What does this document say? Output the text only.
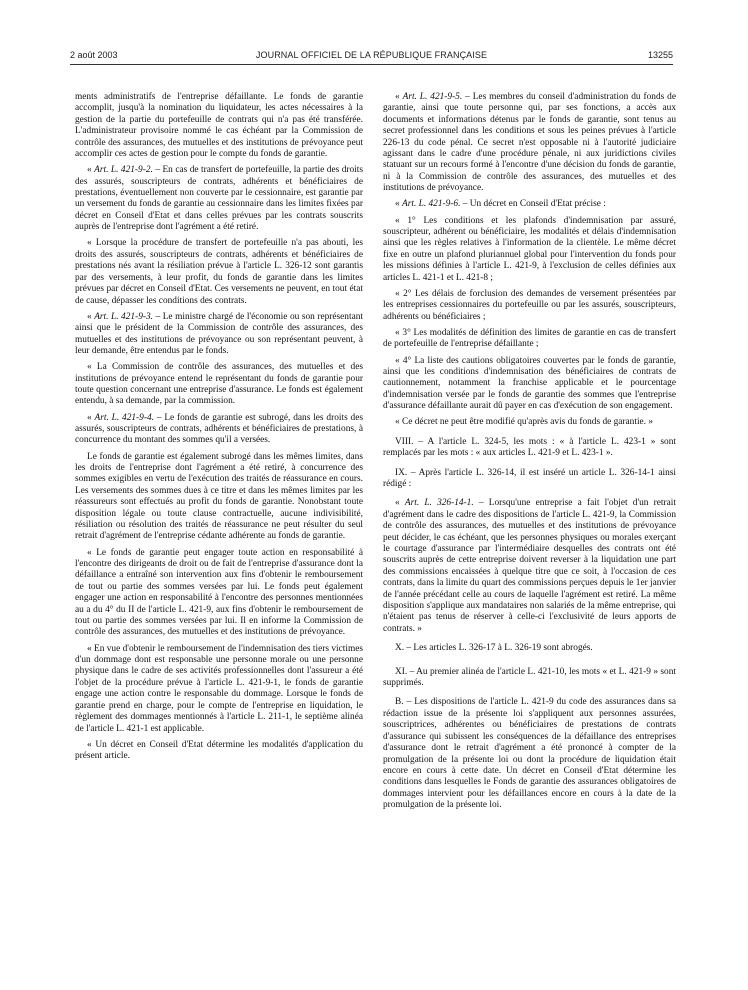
2 août 2003	JOURNAL OFFICIEL DE LA RÉPUBLIQUE FRANÇAISE	13255

ments administratifs de l'entreprise défaillante. Le fonds de garantie accomplit, jusqu'à la nomination du liquidateur, les actes nécessaires à la gestion de la partie du portefeuille de contrats qui n'a pas été transférée. L'administrateur provisoire nommé le cas échéant par la Commission de contrôle des assurances, des mutuelles et des institutions de prévoyance peut accomplir ces actes de gestion pour le compte du fonds de garantie.

« Art. L. 421-9-2. – En cas de transfert de portefeuille, la partie des droits des assurés, souscripteurs de contrats, adhérents et bénéficiaires de prestations, éventuellement non couverte par le cessionnaire, est garantie par un versement du fonds de garantie au cessionnaire dans les limites fixées par décret en Conseil d'Etat et dans celles prévues par les contrats souscrits auprès de l'entreprise dont l'agrément a été retiré.

« Lorsque la procédure de transfert de portefeuille n'a pas abouti, les droits des assurés, souscripteurs de contrats, adhérents et bénéficiaires de prestations nés avant la résiliation prévue à l'article L. 326-12 sont garantis par des versements, à leur profit, du fonds de garantie dans les limites prévues par décret en Conseil d'Etat. Ces versements ne peuvent, en tout état de cause, dépasser les conditions des contrats.

« Art. L. 421-9-3. – Le ministre chargé de l'économie ou son représentant ainsi que le président de la Commission de contrôle des assurances, des mutuelles et des institutions de prévoyance ou son représentant peuvent, à leur demande, être entendus par le fonds.

« La Commission de contrôle des assurances, des mutuelles et des institutions de prévoyance entend le représentant du fonds de garantie pour toute question concernant une entreprise d'assurance. Le fonds est également entendu, à sa demande, par la commission.

« Art. L. 421-9-4. – Le fonds de garantie est subrogé, dans les droits des assurés, souscripteurs de contrats, adhérents et bénéficiaires de prestations, à concurrence du montant des sommes qu'il a versées.

Le fonds de garantie est également subrogé dans les mêmes limites, dans les droits de l'entreprise dont l'agrément a été retiré, à concurrence des sommes exigibles en vertu de l'exécution des traités de réassurance en cours. Les versements des sommes dues à ce titre et dans les mêmes limites par les réassureurs sont effectués au profit du fonds de garantie. Nonobstant toute disposition légale ou toute clause contractuelle, aucune indivisibilité, résiliation ou résolution des traités de réassurance ne peut résulter du seul retrait d'agrément de l'entreprise cédante adhérente au fonds de garantie.

« Le fonds de garantie peut engager toute action en responsabilité à l'encontre des dirigeants de droit ou de fait de l'entreprise d'assurance dont la défaillance a entraîné son intervention aux fins d'obtenir le remboursement de tout ou partie des sommes versées par lui. Le fonds peut également engager une action en responsabilité à l'encontre des personnes mentionnées au a du 4° du II de l'article L. 421-9, aux fins d'obtenir le remboursement de tout ou partie des sommes versées par lui. Il en informe la Commission de contrôle des assurances, des mutuelles et des institutions de prévoyance.

« En vue d'obtenir le remboursement de l'indemnisation des tiers victimes d'un dommage dont est responsable une personne morale ou une personne physique dans le cadre de ses activités professionnelles dont l'assureur a été l'objet de la procédure prévue à l'article L. 421-9-1, le fonds de garantie engage une action contre le responsable du dommage. Lorsque le fonds de garantie prend en charge, pour le compte de l'entreprise en liquidation, le règlement des dommages mentionnés à l'article L. 211-1, le septième alinéa de l'article L. 421-1 est applicable.

« Un décret en Conseil d'Etat détermine les modalités d'application du présent article.

« Art. L. 421-9-5. – Les membres du conseil d'administration du fonds de garantie, ainsi que toute personne qui, par ses fonctions, a accès aux documents et informations détenus par le fonds de garantie, sont tenus au secret professionnel dans les conditions et sous les peines prévues à l'article 226-13 du code pénal. Ce secret n'est opposable ni à l'autorité judiciaire agissant dans le cadre d'une procédure pénale, ni aux juridictions civiles statuant sur un recours formé à l'encontre d'une décision du fonds de garantie, ni à la Commission de contrôle des assurances, des mutuelles et des institutions de prévoyance.

« Art. L. 421-9-6. – Un décret en Conseil d'Etat précise :

« 1° Les conditions et les plafonds d'indemnisation par assuré, souscripteur, adhérent ou bénéficiaire, les modalités et délais d'indemnisation ainsi que les règles relatives à l'information de la clientèle. Le même décret fixe en outre un plafond pluriannuel global pour l'intervention du fonds pour les missions définies à l'article L. 421-9, à l'exclusion de celles définies aux articles L. 421-1 et L. 421-8 ;

« 2° Les délais de forclusion des demandes de versement présentées par les entreprises cessionnaires du portefeuille ou par les assurés, souscripteurs, adhérents ou bénéficiaires ;

« 3° Les modalités de définition des limites de garantie en cas de transfert de portefeuille de l'entreprise défaillante ;

« 4° La liste des cautions obligatoires couvertes par le fonds de garantie, ainsi que les conditions d'indemnisation des bénéficiaires de contrats de cautionnement, notamment la franchise applicable et le pourcentage d'indemnisation versée par le fonds de garantie des sommes que l'entreprise d'assurance défaillante aurait dû payer en cas d'exécution de son engagement.

« Ce décret ne peut être modifié qu'après avis du fonds de garantie. »

VIII. – A l'article L. 324-5, les mots : « à l'article L. 423-1 » sont remplacés par les mots : « aux articles L. 421-9 et L. 423-1 ».

IX. – Après l'article L. 326-14, il est inséré un article L. 326-14-1 ainsi rédigé :

« Art. L. 326-14-1. – Lorsqu'une entreprise a fait l'objet d'un retrait d'agrément dans le cadre des dispositions de l'article L. 421-9, la Commission de contrôle des assurances, des mutuelles et des institutions de prévoyance peut décider, le cas échéant, que les personnes physiques ou morales exerçant le courtage d'assurance par l'intermédiaire desquelles des contrats ont été souscrits auprès de cette entreprise doivent reverser à la liquidation une part des commissions encaissées à quelque titre que ce soit, à l'occasion de ces contrats, dans la limite du quart des commissions perçues depuis le 1er janvier de l'année précédant celle au cours de laquelle l'agrément est retiré. La même disposition s'applique aux mandataires non salariés de la même entreprise, qui n'étaient pas tenus de réserver à celle-ci l'exclusivité de leurs apports de contrats. »

X. – Les articles L. 326-17 à L. 326-19 sont abrogés.

XI. – Au premier alinéa de l'article L. 421-10, les mots « et L. 421-9 » sont supprimés.

B. – Les dispositions de l'article L. 421-9 du code des assurances dans sa rédaction issue de la présente loi s'appliquent aux personnes assurées, souscriptrices, adhérentes ou bénéficiaires de prestations de contrats d'assurance qui subissent les conséquences de la défaillance des entreprises d'assurance dont le retrait d'agrément a été prononcé à compter de la promulgation de la présente loi ou dont la procédure de liquidation était encore en cours à cette date. Un décret en Conseil d'Etat détermine les conditions dans lesquelles le Fonds de garantie des assurances obligatoires de dommages intervient pour les défaillances encore en cours à la date de la promulgation de la présente loi.
